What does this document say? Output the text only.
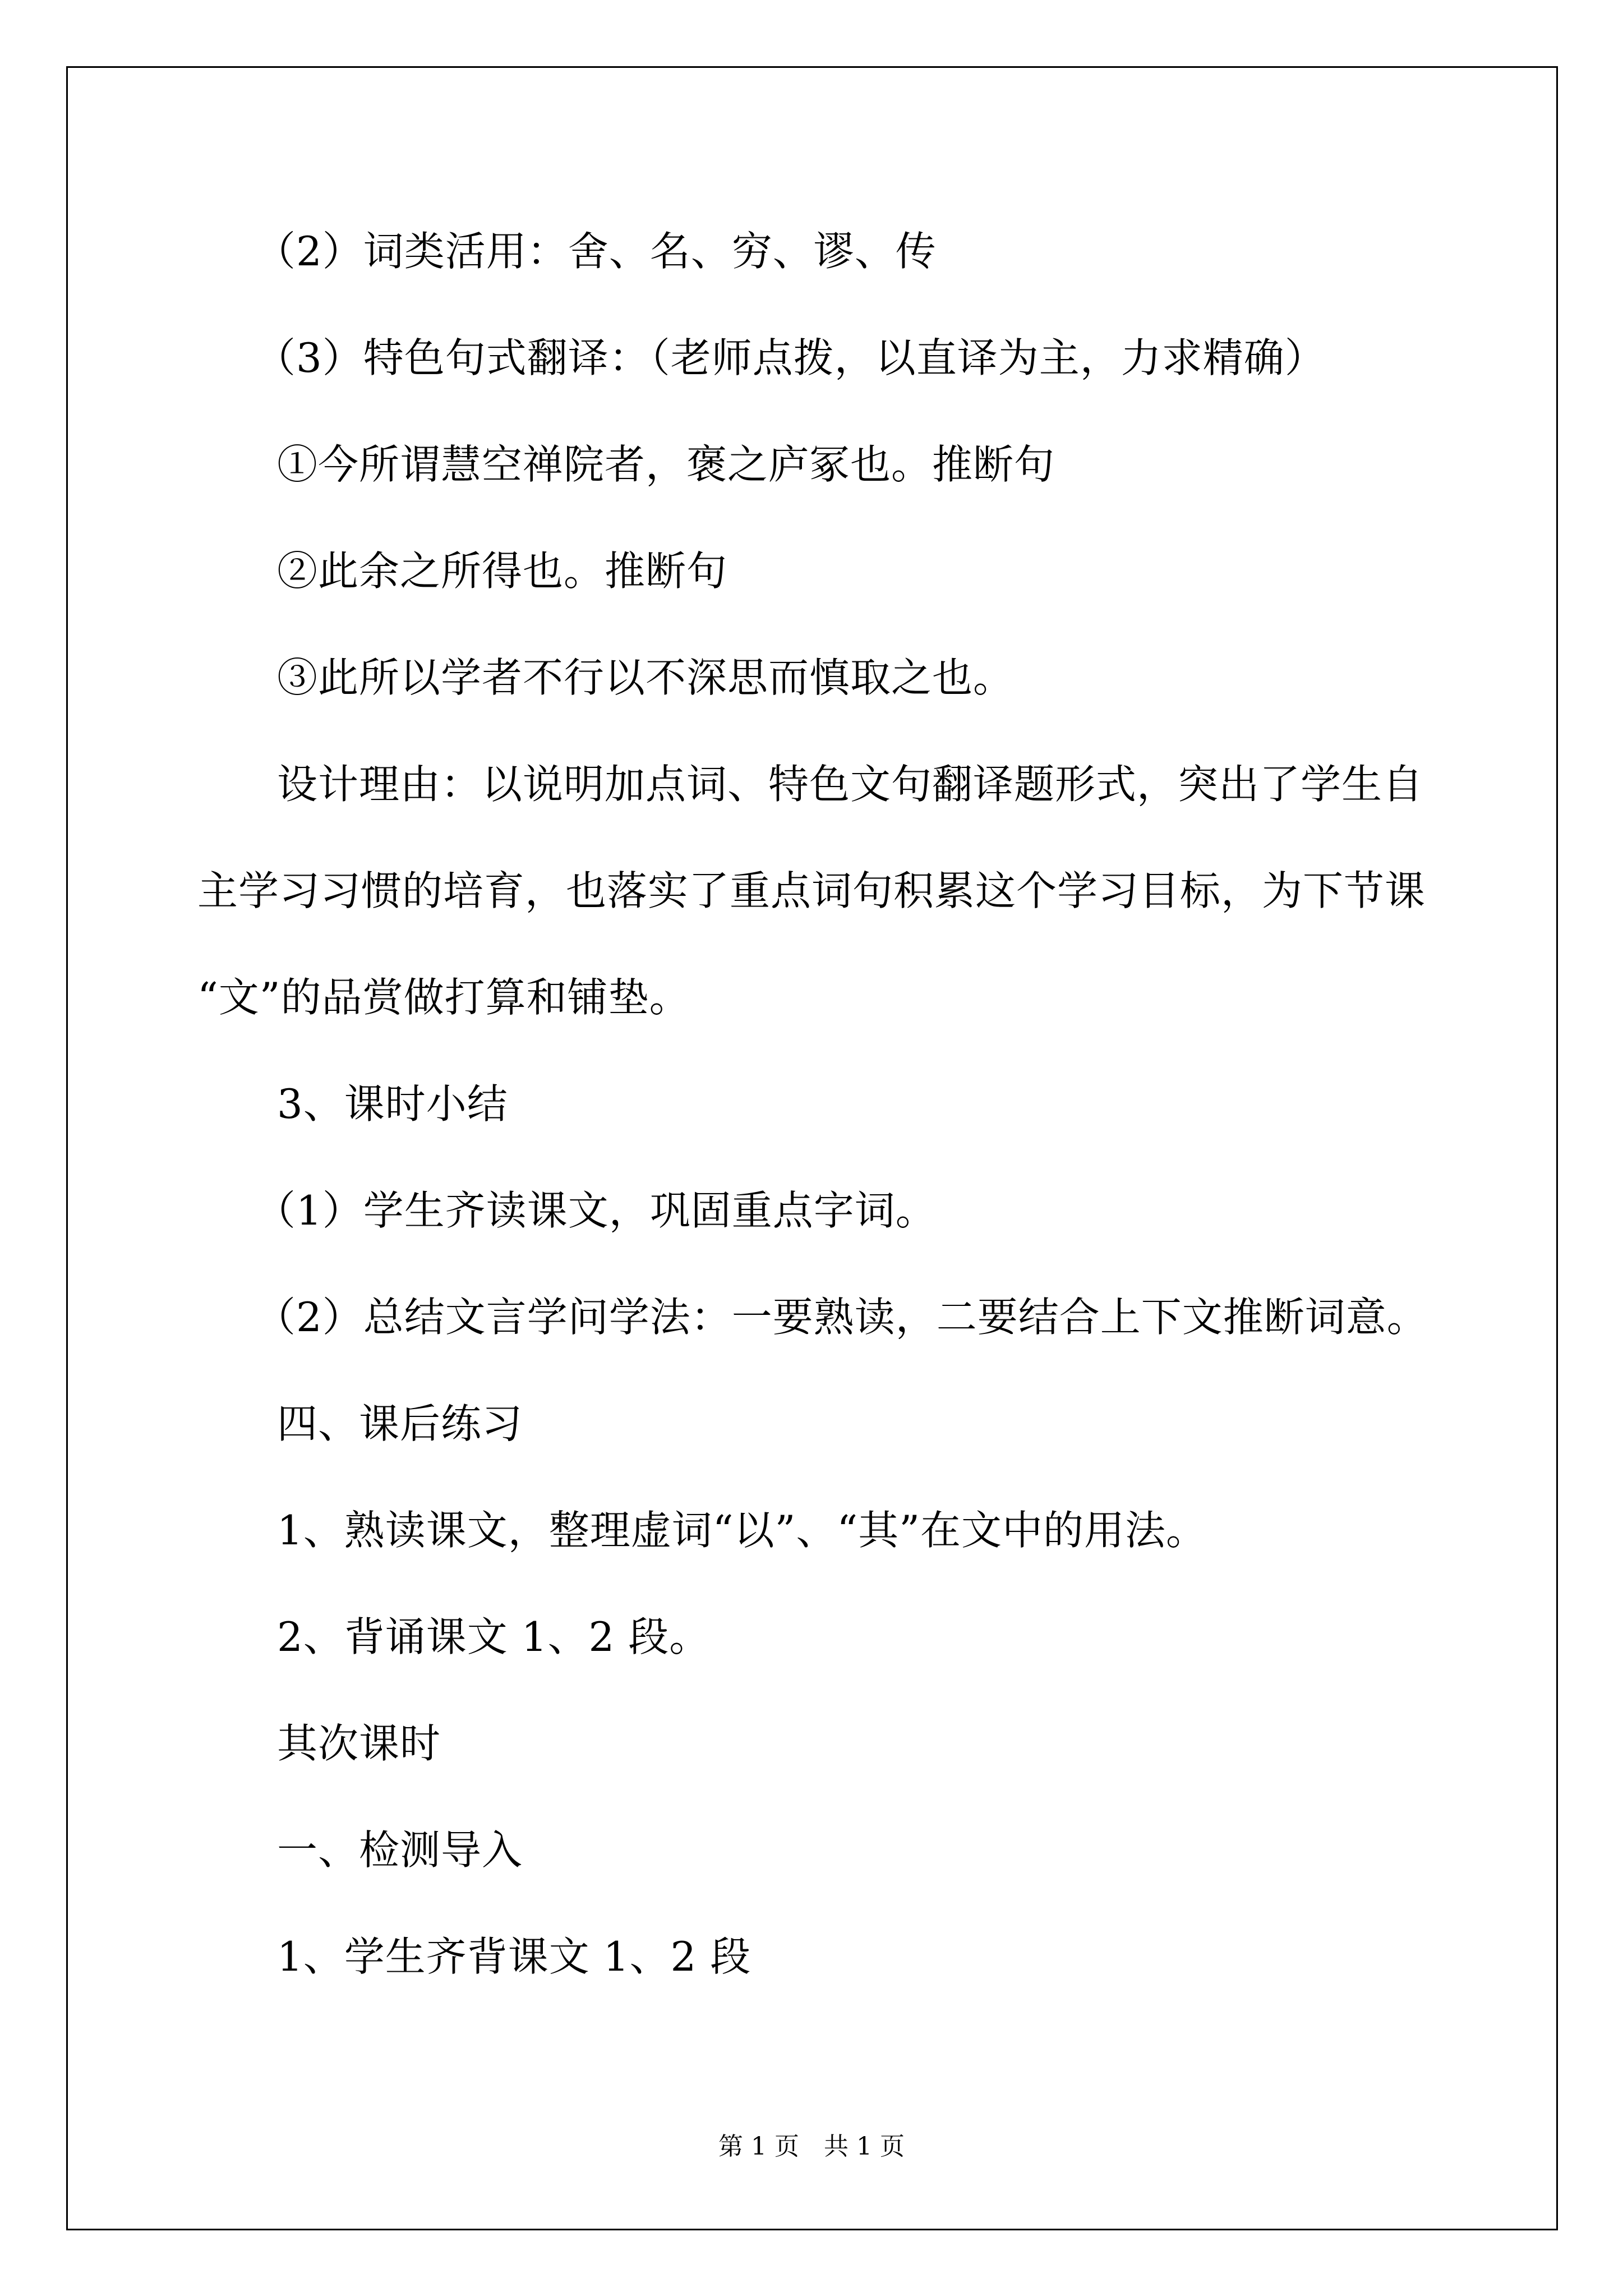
（2）词类活用：舍、名、穷、谬、传
（3）特色句式翻译：（老师点拨，以直译为主，力求精确）
①今所谓慧空禅院者，褒之庐冢也。推断句
②此余之所得也。推断句
③此所以学者不行以不深思而慎取之也。
设计理由：以说明加点词、特色文句翻译题形式，突出了学生自
主学习习惯的培育，也落实了重点词句积累这个学习目标，为下节课
“文”的品赏做打算和铺垫。
3、课时小结
（1）学生齐读课文，巩固重点字词。
（2）总结文言学问学法：一要熟读，二要结合上下文推断词意。
四、课后练习
1、熟读课文，整理虚词“以”、“其”在文中的用法。
2、背诵课文 1、2 段。
其次课时
一、检测导入
1、学生齐背课文 1、2 段
第 1 页　共 1 页
